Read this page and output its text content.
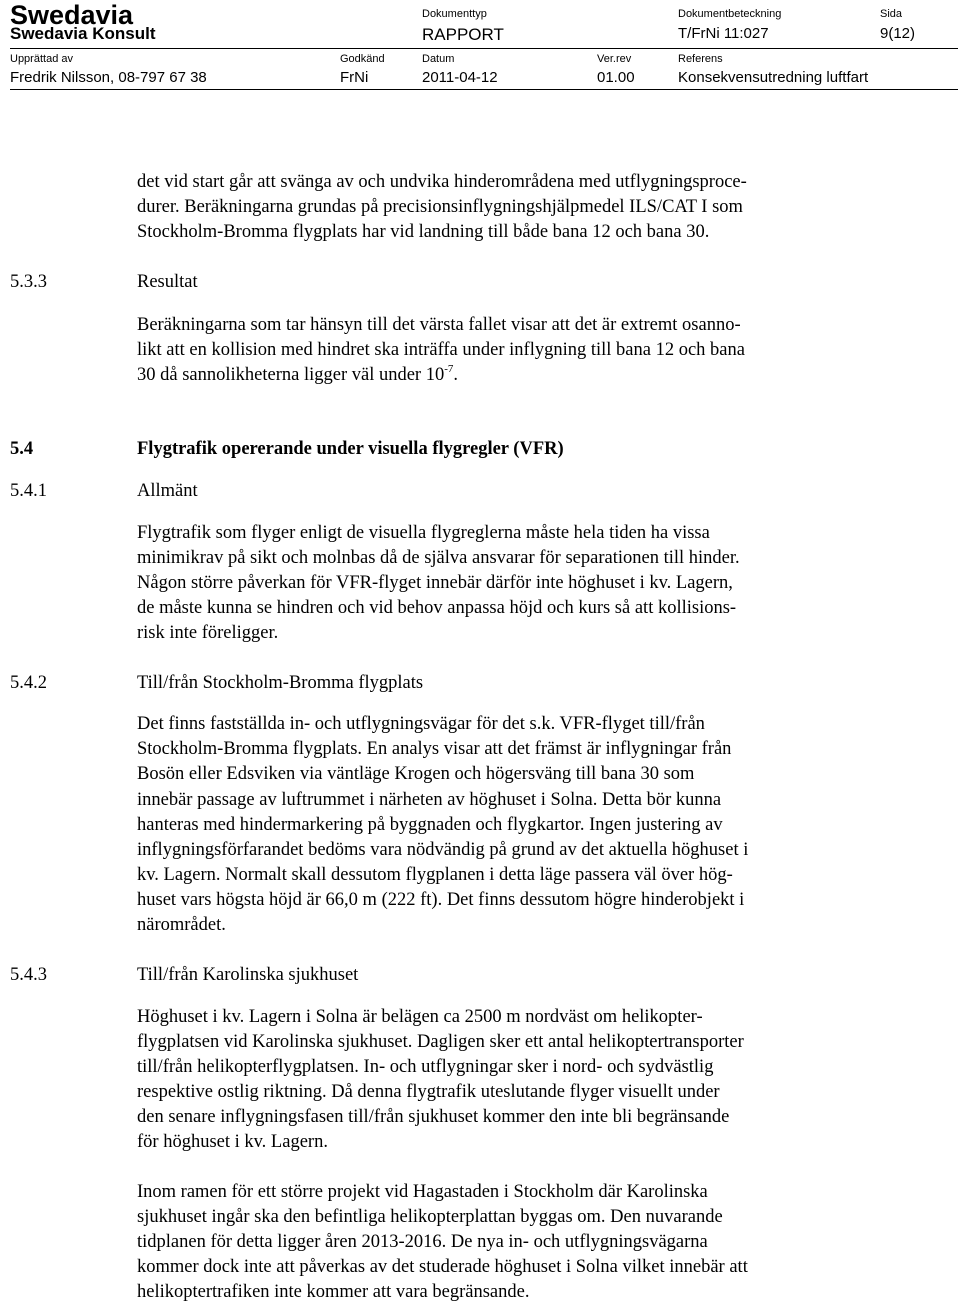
Swedavia
Swedavia Konsult
Dokumenttyp
RAPPORT
Dokumentbeteckning
T/FrNi 11:027
Sida
9(12)
Upprättad av
Fredrik Nilsson, 08-797 67 38
Godkänd
FrNi
Datum
2011-04-12
Ver.rev
01.00
Referens
Konsekvensutredning luftfart
det vid start går att svänga av och undvika hinderområdena med utflygningsproce-
durer. Beräkningarna grundas på precisionsinflygningshjälpmedel ILS/CAT I som
Stockholm-Bromma flygplats har vid landning till både bana 12 och bana 30.
5.3.3	Resultat
Beräkningarna som tar hänsyn till det värsta fallet visar att det är extremt osanno-
likt att en kollision med hindret ska inträffa under inflygning till bana 12 och bana
30 då sannolikheterna ligger väl under $10^{-7}$.
5.4	Flygtrafik opererande under visuella flygregler (VFR)
5.4.1	Allmänt
Flygtrafik som flyger enligt de visuella flygreglerna måste hela tiden ha vissa
minimikrav på sikt och molnbas då de själva ansvarar för separationen till hinder.
Någon större påverkan för VFR-flyget innebär därför inte höghuset i kv. Lagern,
de måste kunna se hindren och vid behov anpassa höjd och kurs så att kollisions-
risk inte föreligger.
5.4.2	Till/från Stockholm-Bromma flygplats
Det finns fastställda in- och utflygningsvägar för det s.k. VFR-flyget till/från
Stockholm-Bromma flygplats. En analys visar att det främst är inflygningar från
Bosön eller Edsviken via väntläge Krogen och högersväng till bana 30 som
innebär passage av luftrummet i närheten av höghuset i Solna. Detta bör kunna
hanteras med hindermarkering på byggnaden och flygkartor. Ingen justering av
inflygningsförfarandet bedöms vara nödvändig på grund av det aktuella höghuset i
kv. Lagern. Normalt skall dessutom flygplanen i detta läge passera väl över hög-
huset vars högsta höjd är 66,0 m (222 ft). Det finns dessutom högre hinderobjekt i
närområdet.
5.4.3	Till/från Karolinska sjukhuset
Höghuset i kv. Lagern i Solna är belägen ca 2500 m nordväst om helikopter-
flygplatsen vid Karolinska sjukhuset. Dagligen sker ett antal helikoptertransporter
till/från helikopterflygplatsen. In- och utflygningar sker i nord- och sydvästlig
respektive ostlig riktning. Då denna flygtrafik uteslutande flyger visuellt under
den senare inflygningsfasen till/från sjukhuset kommer den inte bli begränsande
för höghuset i kv. Lagern.
Inom ramen för ett större projekt vid Hagastaden i Stockholm där Karolinska
sjukhuset ingår ska den befintliga helikopterplattan byggas om. Den nuvarande
tidplanen för detta ligger åren 2013-2016. De nya in- och utflygningsvägarna
kommer dock inte att påverkas av det studerade höghuset i Solna vilket innebär att
helikoptertrafiken inte kommer att vara begränsande.
